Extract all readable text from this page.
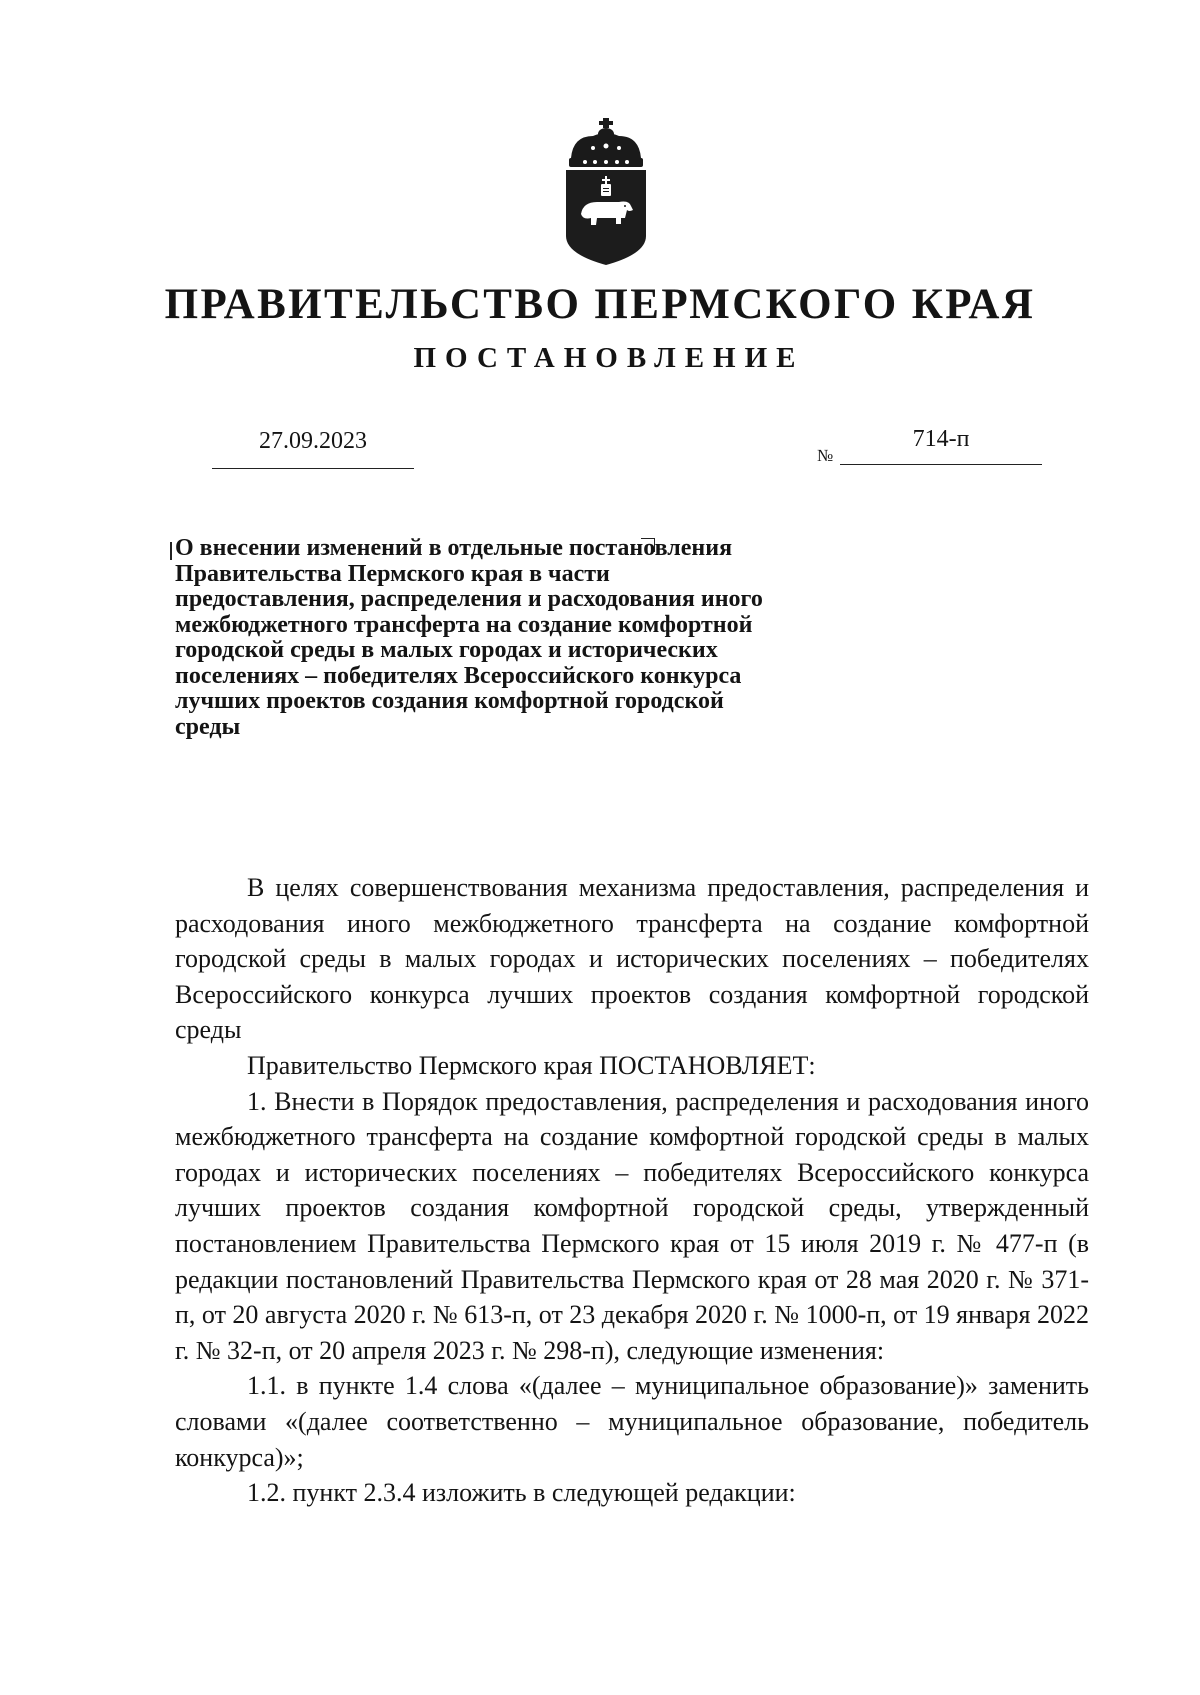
ПРАВИТЕЛЬСТВО ПЕРМСКОГО КРАЯ
ПОСТАНОВЛЕНИЕ
27.09.2023
№
714-п
О внесении изменений в отдельные постановления Правительства Пермского края в части предоставления, распределения и расходования иного межбюджетного трансферта на создание комфортной городской среды в малых городах и исторических поселениях – победителях Всероссийского конкурса лучших проектов создания комфортной городской среды

В целях совершенствования механизма предоставления, распределения и расходования иного межбюджетного трансферта на создание комфортной городской среды в малых городах и исторических поселениях – победителях Всероссийского конкурса лучших проектов создания комфортной городской среды

Правительство Пермского края ПОСТАНОВЛЯЕТ:

1. Внести в Порядок предоставления, распределения и расходования иного межбюджетного трансферта на создание комфортной городской среды в малых городах и исторических поселениях – победителях Всероссийского конкурса лучших проектов создания комфортной городской среды, утвержденный постановлением Правительства Пермского края от 15 июля 2019 г. № 477-п (в редакции постановлений Правительства Пермского края от 28 мая 2020 г. № 371-п, от 20 августа 2020 г. № 613-п, от 23 декабря 2020 г. № 1000-п, от 19 января 2022 г. № 32-п, от 20 апреля 2023 г. № 298-п), следующие изменения:

1.1. в пункте 1.4 слова «(далее – муниципальное образование)» заменить словами «(далее соответственно – муниципальное образование, победитель конкурса)»;

1.2. пункт 2.3.4 изложить в следующей редакции:
